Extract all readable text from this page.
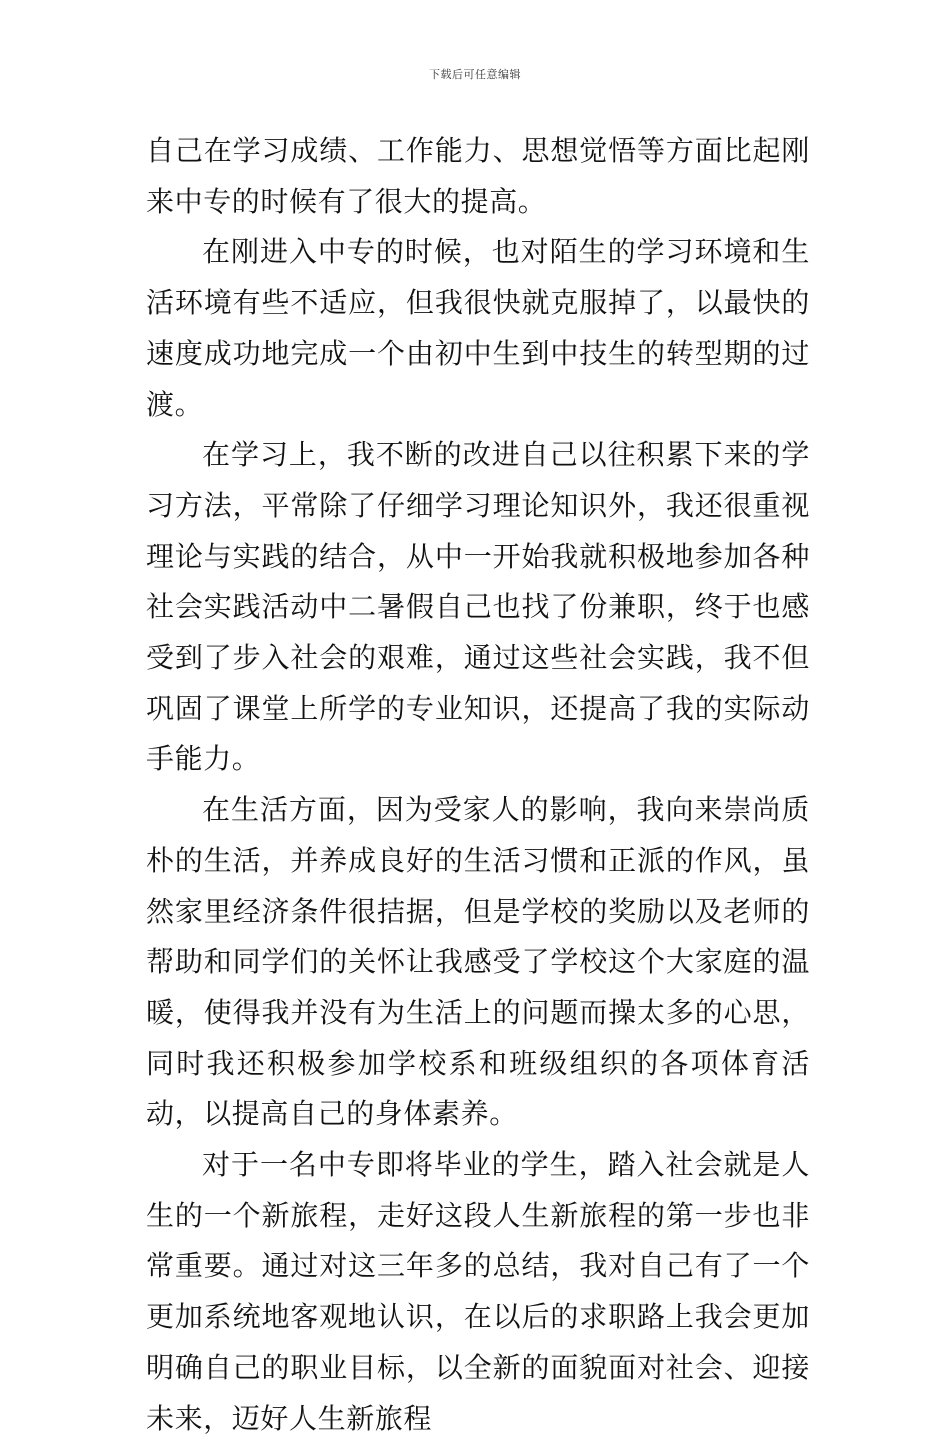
下载后可任意编辑

自己在学习成绩、工作能力、思想觉悟等方面比起刚来中专的时候有了很大的提高。

在刚进入中专的时候，也对陌生的学习环境和生活环境有些不适应，但我很快就克服掉了，以最快的速度成功地完成一个由初中生到中技生的转型期的过渡。

在学习上，我不断的改进自己以往积累下来的学习方法，平常除了仔细学习理论知识外，我还很重视理论与实践的结合，从中一开始我就积极地参加各种社会实践活动中二暑假自己也找了份兼职，终于也感受到了步入社会的艰难，通过这些社会实践，我不但巩固了课堂上所学的专业知识，还提高了我的实际动手能力。

在生活方面，因为受家人的影响，我向来崇尚质朴的生活，并养成良好的生活习惯和正派的作风，虽然家里经济条件很拮据，但是学校的奖励以及老师的帮助和同学们的关怀让我感受了学校这个大家庭的温暖，使得我并没有为生活上的问题而操太多的心思，同时我还积极参加学校系和班级组织的各项体育活动，以提高自己的身体素养。

对于一名中专即将毕业的学生，踏入社会就是人生的一个新旅程，走好这段人生新旅程的第一步也非常重要。通过对这三年多的总结，我对自己有了一个更加系统地客观地认识，在以后的求职路上我会更加明确自己的职业目标，以全新的面貌面对社会、迎接未来，迈好人生新旅程
